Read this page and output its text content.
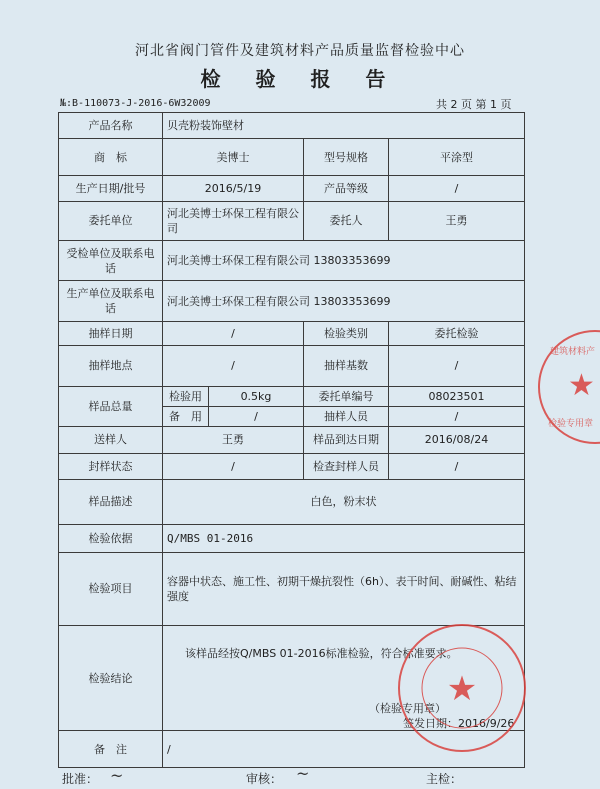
河北省阀门管件及建筑材料产品质量监督检验中心
检 验 报 告
№:B-110073-J-2016-6W32009	共 2 页 第 1 页
产品名称	贝壳粉装饰壁材			
商　标	美博士		型号规格	平涂型
生产日期/批号	2016/5/19		产品等级	/
委托单位	河北美博士环保工程有限公司		委托人	王勇
受检单位及联系电话	河北美博士环保工程有限公司 13803353699			
生产单位及联系电话	河北美博士环保工程有限公司 13803353699			
抽样日期	/		检验类别	委托检验
抽样地点	/		抽样基数	/
样品总量	检验用	0.5kg	委托单编号	08023501
	备　用	/	抽样人员	/
送样人	王勇		样品到达日期	2016/08/24
封样状态	/		检查封样人员	/
样品描述	白色，粉末状			
检验依据	Q/MBS 01-2016			
检验项目	容器中状态、施工性、初期干燥抗裂性（6h）、表干时间、耐碱性、粘结强度			
检验结论	该样品经按Q/MBS 01-2016标准检验，符合标准要求。
（检验专用章）
签发日期：2016/9/26			

备　注	/			
★
★
建筑材料产
检验专用章
批准： ~	审核： ~	主检：
